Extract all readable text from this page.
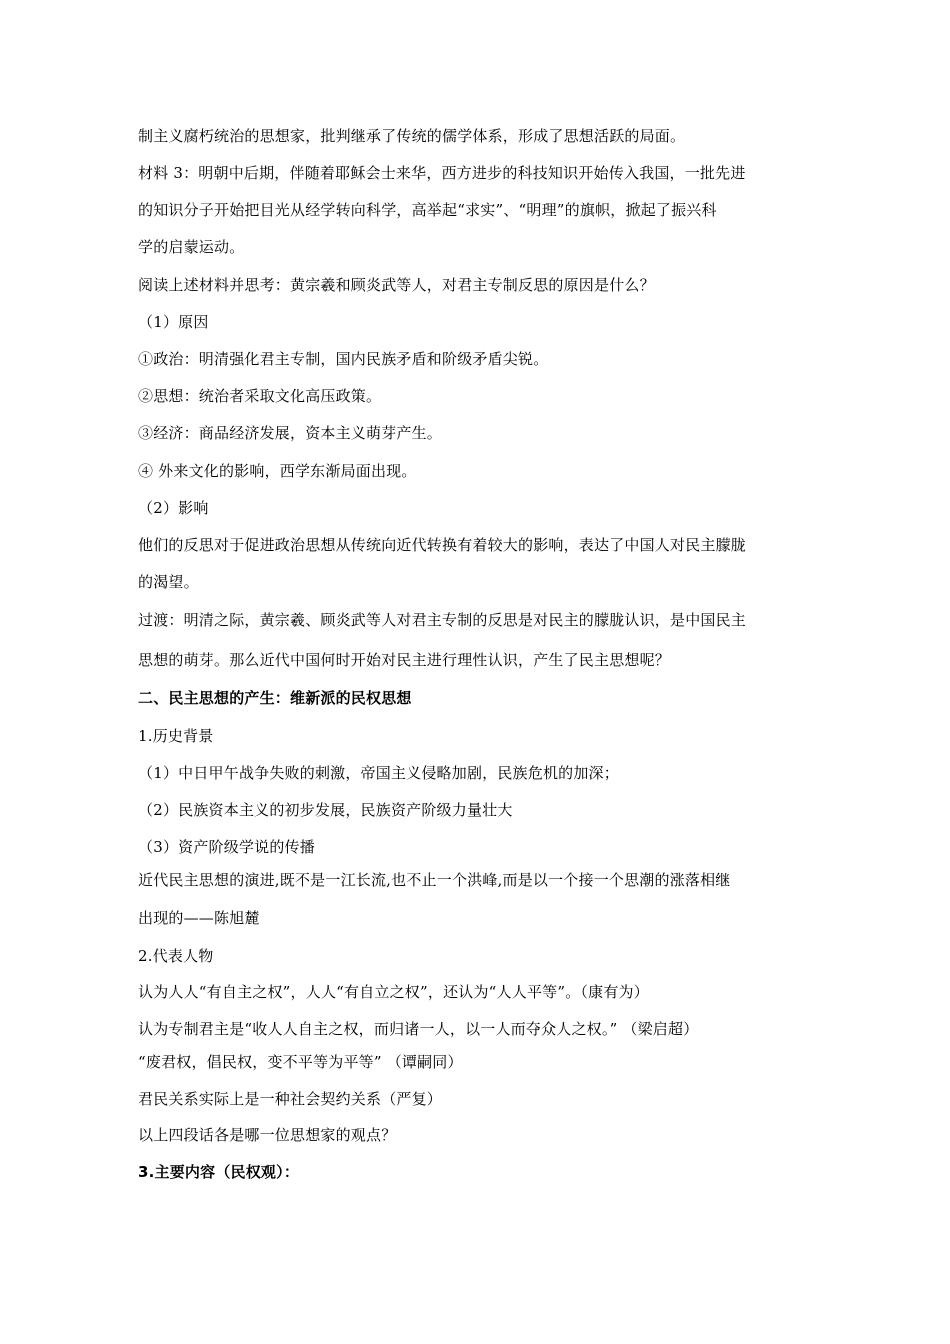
制主义腐朽统治的思想家，批判继承了传统的儒学体系，形成了思想活跃的局面。
材料 3：明朝中后期，伴随着耶稣会士来华，西方进步的科技知识开始传入我国，一批先进
的知识分子开始把目光从经学转向科学，高举起“求实”、“明理”的旗帜，掀起了振兴科
学的启蒙运动。
阅读上述材料并思考：黄宗羲和顾炎武等人，对君主专制反思的原因是什么？
（1）原因
①政治：明清强化君主专制，国内民族矛盾和阶级矛盾尖锐。
②思想：统治者采取文化高压政策。
③经济：商品经济发展，资本主义萌芽产生。
④ 外来文化的影响，西学东渐局面出现。
（2）影响
他们的反思对于促进政治思想从传统向近代转换有着较大的影响，表达了中国人对民主朦胧
的渴望。
过渡：明清之际，黄宗羲、顾炎武等人对君主专制的反思是对民主的朦胧认识，是中国民主
思想的萌芽。那么近代中国何时开始对民主进行理性认识，产生了民主思想呢？
二、民主思想的产生：维新派的民权思想
1.历史背景
（1）中日甲午战争失败的刺激，帝国主义侵略加剧，民族危机的加深；
（2）民族资本主义的初步发展，民族资产阶级力量壮大
（3）资产阶级学说的传播
近代民主思想的演进,既不是一江长流,也不止一个洪峰,而是以一个接一个思潮的涨落相继
出现的——陈旭麓
2.代表人物
认为人人“有自主之权”，人人“有自立之权”，还认为“人人平等”。（康有为）
认为专制君主是“收人人自主之权，而归诸一人，以一人而夺众人之权。” （梁启超）
“废君权，倡民权，变不平等为平等” （谭嗣同）
君民关系实际上是一种社会契约关系（严复）
以上四段话各是哪一位思想家的观点？
3.主要内容（民权观）：
